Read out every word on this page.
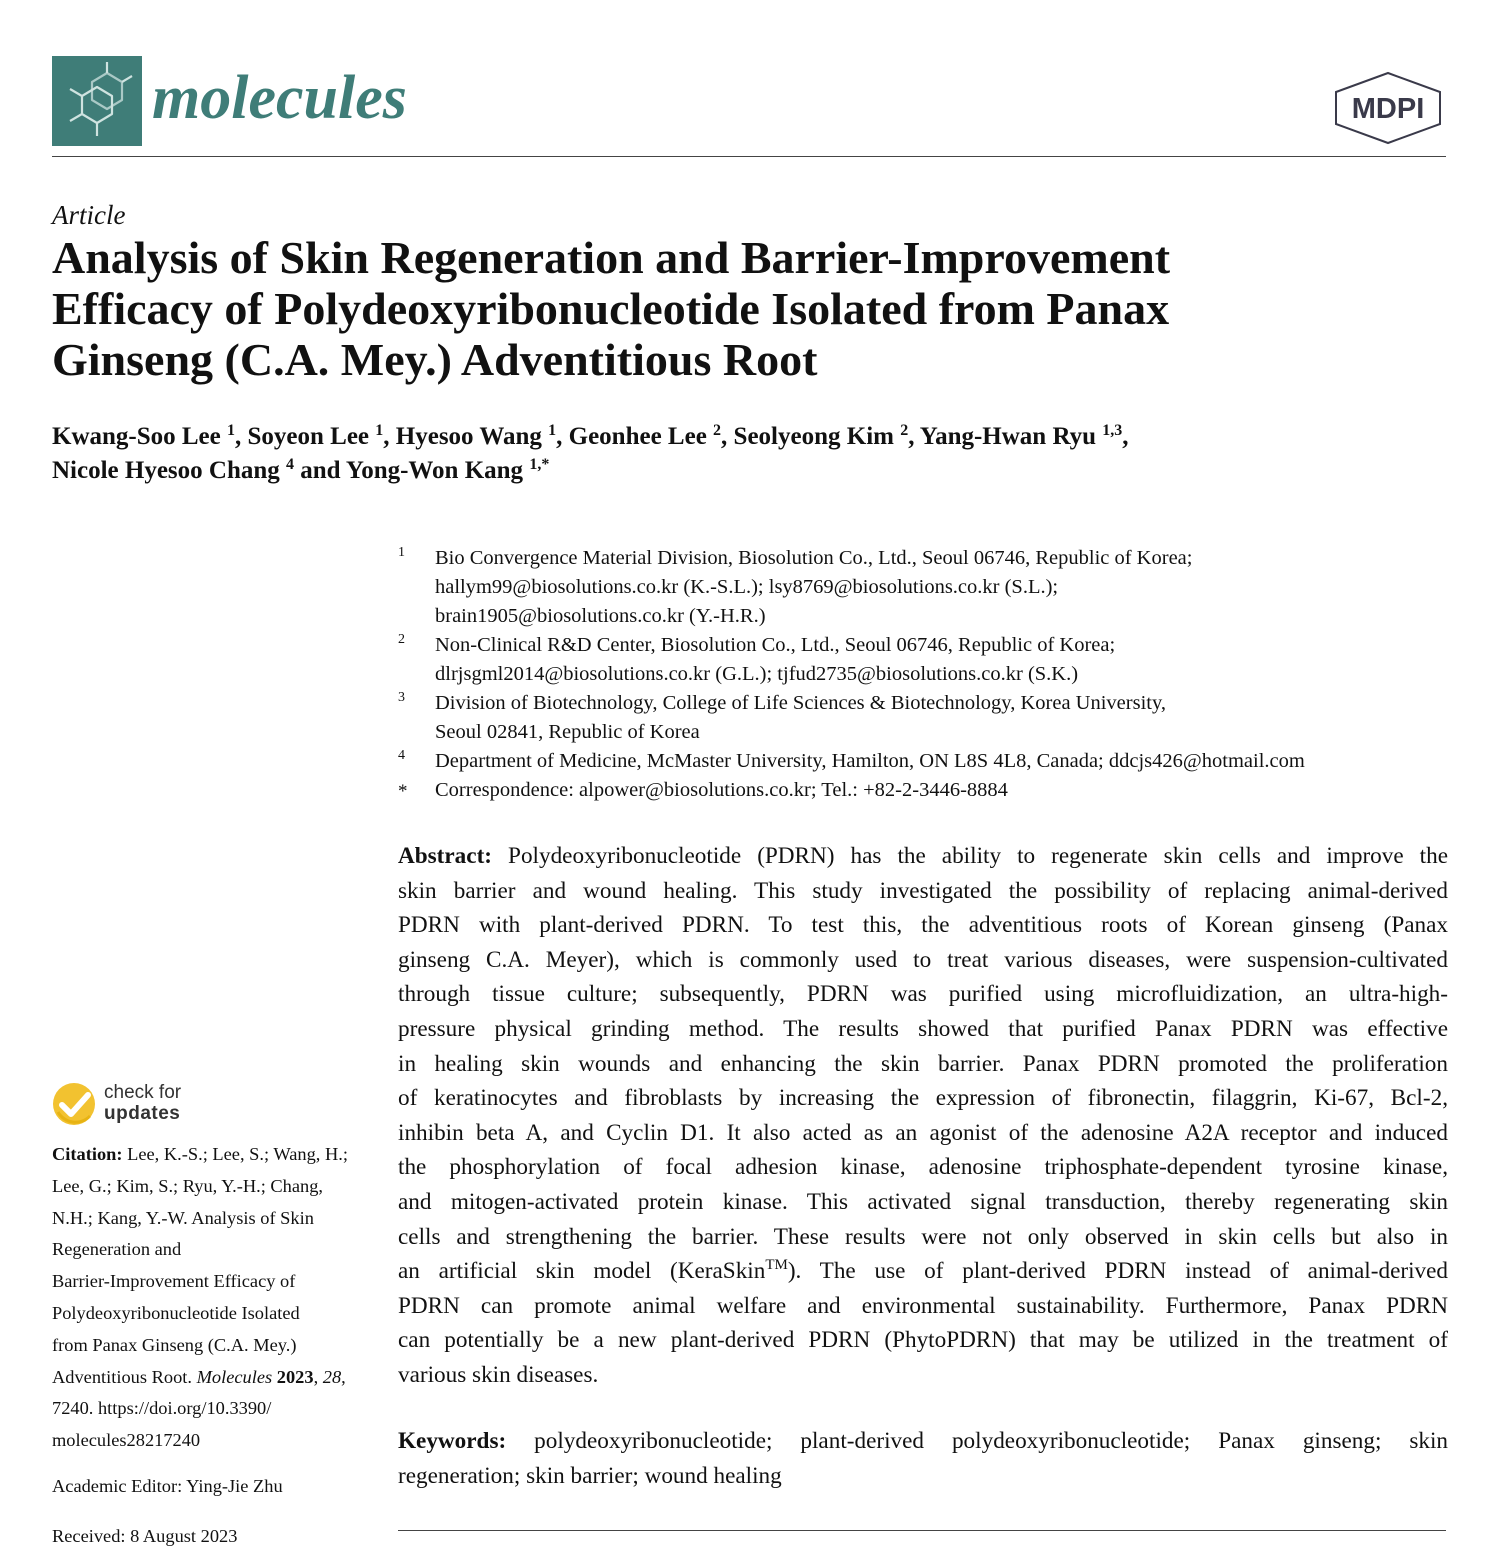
molecules	MDPI
Article
Analysis of Skin Regeneration and Barrier-Improvement
Efficacy of Polydeoxyribonucleotide Isolated from Panax
Ginseng (C.A. Mey.) Adventitious Root
Kwang-Soo Lee $^1$, Soyeon Lee $^1$, Hyesoo Wang $^1$, Geonhee Lee $^2$, Seolyeong Kim $^2$, Yang-Hwan Ryu $^{1,3}$,
Nicole Hyesoo Chang $^4$ and Yong-Won Kang $^{1,*}$
1 Bio Convergence Material Division, Biosolution Co., Ltd., Seoul 06746, Republic of Korea;
hallym99@biosolutions.co.kr (K.-S.L.); lsy8769@biosolutions.co.kr (S.L.);
brain1905@biosolutions.co.kr (Y.-H.R.)
2 Non-Clinical R&D Center, Biosolution Co., Ltd., Seoul 06746, Republic of Korea;
dlrjsgml2014@biosolutions.co.kr (G.L.); tjfud2735@biosolutions.co.kr (S.K.)
3 Division of Biotechnology, College of Life Sciences & Biotechnology, Korea University,
Seoul 02841, Republic of Korea
4 Department of Medicine, McMaster University, Hamilton, ON L8S 4L8, Canada; ddcjs426@hotmail.com
* Correspondence: alpower@biosolutions.co.kr; Tel.: +82-2-3446-8884
Abstract: Polydeoxyribonucleotide (PDRN) has the ability to regenerate skin cells and improve the
skin barrier and wound healing. This study investigated the possibility of replacing animal-derived
PDRN with plant-derived PDRN. To test this, the adventitious roots of Korean ginseng (Panax
ginseng C.A. Meyer), which is commonly used to treat various diseases, were suspension-cultivated
through tissue culture; subsequently, PDRN was purified using microfluidization, an ultra-high-
pressure physical grinding method. The results showed that purified Panax PDRN was effective
in healing skin wounds and enhancing the skin barrier. Panax PDRN promoted the proliferation
of keratinocytes and fibroblasts by increasing the expression of fibronectin, filaggrin, Ki-67, Bcl-2,
inhibin beta A, and Cyclin D1. It also acted as an agonist of the adenosine A2A receptor and induced
the phosphorylation of focal adhesion kinase, adenosine triphosphate-dependent tyrosine kinase,
and mitogen-activated protein kinase. This activated signal transduction, thereby regenerating skin
cells and strengthening the barrier. These results were not only observed in skin cells but also in
an artificial skin model (KeraSkin™). The use of plant-derived PDRN instead of animal-derived
PDRN can promote animal welfare and environmental sustainability. Furthermore, Panax PDRN
can potentially be a new plant-derived PDRN (PhytoPDRN) that may be utilized in the treatment of
various skin diseases.
Keywords: polydeoxyribonucleotide; plant-derived polydeoxyribonucleotide; Panax ginseng; skin
regeneration; skin barrier; wound healing
check for
updates
Citation: Lee, K.-S.; Lee, S.; Wang, H.;
Lee, G.; Kim, S.; Ryu, Y.-H.; Chang,
N.H.; Kang, Y.-W. Analysis of Skin
Regeneration and
Barrier-Improvement Efficacy of
Polydeoxyribonucleotide Isolated
from Panax Ginseng (C.A. Mey.)
Adventitious Root. Molecules 2023, 28,
7240. https://doi.org/10.3390/
molecules28217240
Academic Editor: Ying-Jie Zhu
Received: 8 August 2023
